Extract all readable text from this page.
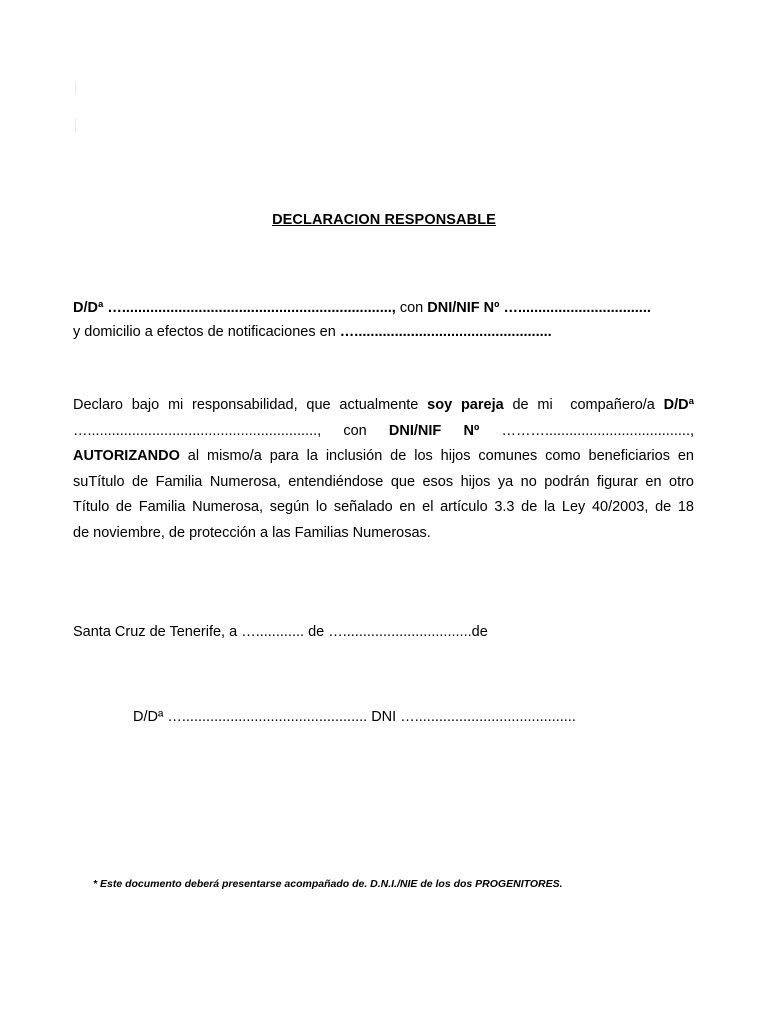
DECLARACION RESPONSABLE
D/Dª …..................................................................., con DNI/NIF Nº ….................................
y domicilio a efectos de notificaciones en ….................................................
Declaro bajo mi responsabilidad, que actualmente soy pareja de mi  compañero/a D/Dª
…........................................................., con DNI/NIF Nº ………....................................,
AUTORIZANDO al mismo/a para la inclusión de los hijos comunes como beneficiarios en
suTítulo de Familia Numerosa, entendiéndose que esos hijos ya no podrán figurar en otro
Título de Familia Numerosa, según lo señalado en el artículo 3.3 de la Ley 40/2003, de 18
de noviembre, de protección a las Familias Numerosas.
Santa Cruz de Tenerife, a …............ de …................................de
D/Dª ….............................................. DNI …........................................
* Este documento deberá presentarse acompañado de. D.N.I./NIE de los dos PROGENITORES.
